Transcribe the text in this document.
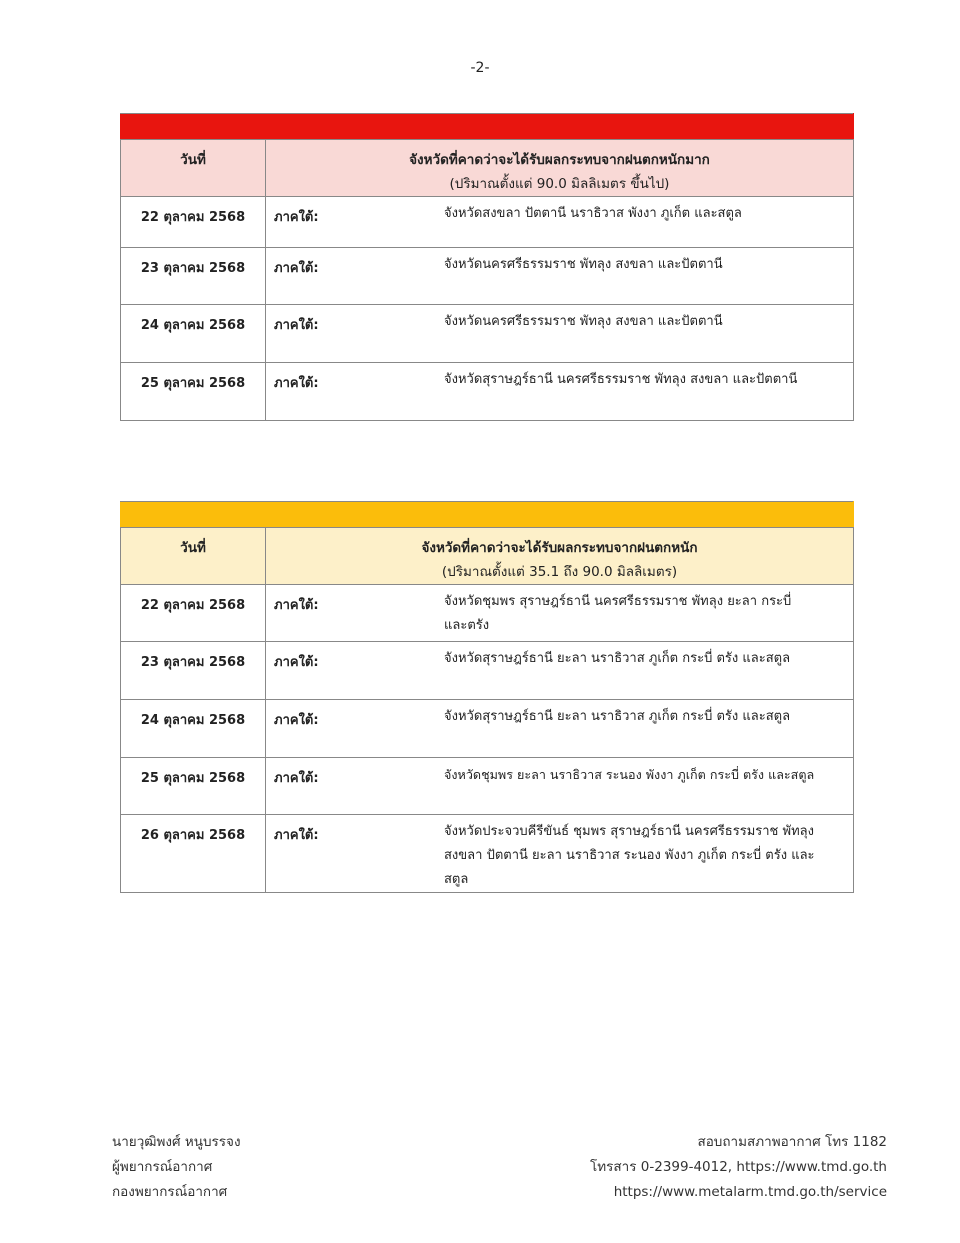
-2-

วันที่	จังหวัดที่คาดว่าจะได้รับผลกระทบจากฝนตกหนักมาก
(ปริมาณตั้งแต่ 90.0 มิลลิเมตร ขึ้นไป)

22 ตุลาคม 2568	ภาคใต้: จังหวัดสงขลา ปัตตานี นราธิวาส พังงา ภูเก็ต และสตูล

23 ตุลาคม 2568	ภาคใต้: จังหวัดนครศรีธรรมราช พัทลุง สงขลา และปัตตานี

24 ตุลาคม 2568	ภาคใต้: จังหวัดนครศรีธรรมราช พัทลุง สงขลา และปัตตานี

25 ตุลาคม 2568	ภาคใต้: จังหวัดสุราษฎร์ธานี นครศรีธรรมราช พัทลุง สงขลา และปัตตานี

วันที่	จังหวัดที่คาดว่าจะได้รับผลกระทบจากฝนตกหนัก
(ปริมาณตั้งแต่ 35.1 ถึง 90.0 มิลลิเมตร)

22 ตุลาคม 2568	ภาคใต้: จังหวัดชุมพร สุราษฎร์ธานี นครศรีธรรมราช พัทลุง ยะลา กระบี่ และตรัง

23 ตุลาคม 2568	ภาคใต้: จังหวัดสุราษฎร์ธานี ยะลา นราธิวาส ภูเก็ต กระบี่ ตรัง และสตูล

24 ตุลาคม 2568	ภาคใต้: จังหวัดสุราษฎร์ธานี ยะลา นราธิวาส ภูเก็ต กระบี่ ตรัง และสตูล

25 ตุลาคม 2568	ภาคใต้: จังหวัดชุมพร ยะลา นราธิวาส ระนอง พังงา ภูเก็ต กระบี่ ตรัง และสตูล

26 ตุลาคม 2568	ภาคใต้: จังหวัดประจวบคีรีขันธ์ ชุมพร สุราษฎร์ธานี นครศรีธรรมราช พัทลุง สงขลา ปัตตานี ยะลา นราธิวาส ระนอง พังงา ภูเก็ต กระบี่ ตรัง และสตูล
นายวุฒิพงศ์ หนูบรรจง
ผู้พยากรณ์อากาศ
กองพยากรณ์อากาศ
สอบถามสภาพอากาศ โทร 1182
โทรสาร 0-2399-4012, https://www.tmd.go.th
https://www.metalarm.tmd.go.th/service
